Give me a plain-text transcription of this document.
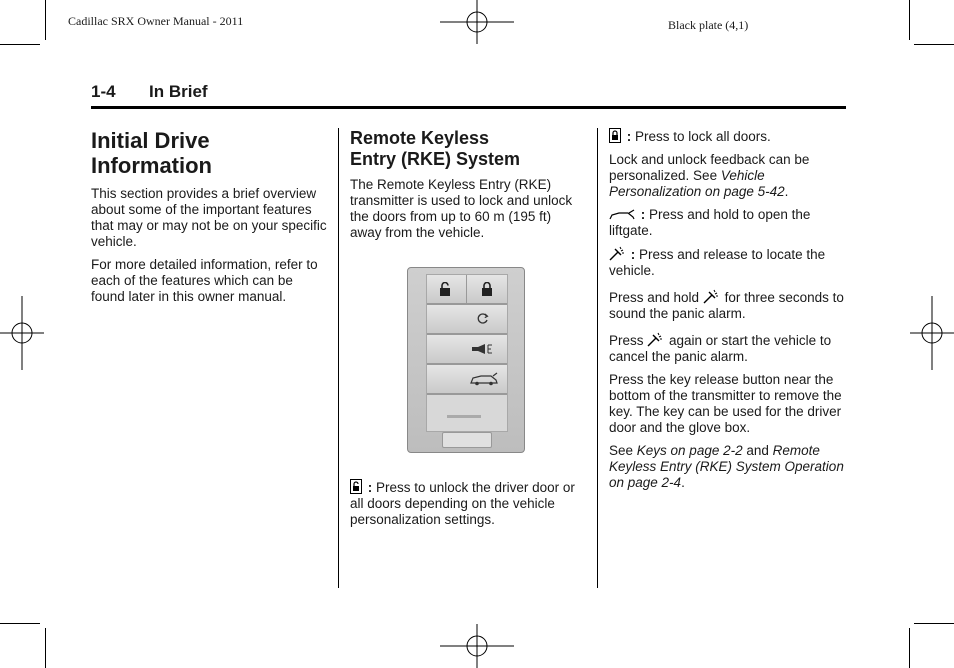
Cadillac SRX Owner Manual - 2011	Black plate (4,1)
1-4 In Brief
Initial Drive
Information

This section provides a brief overview about some of the important features that may or may not be on your specific vehicle.

For more detailed information, refer to each of the features which can be found later in this owner manual.

Remote Keyless
Entry (RKE) System

The Remote Keyless Entry (RKE) transmitter is used to lock and unlock the doors from up to 60 m (195 ft) away from the vehicle.

: Press to unlock the driver door or all doors depending on the vehicle personalization settings.

: Press to lock all doors.

Lock and unlock feedback can be personalized. See Vehicle Personalization on page 5-42.

: Press and hold to open the liftgate.

: Press and release to locate the vehicle.

Press and hold
for three seconds to sound the panic alarm.

Press
again or start the vehicle to cancel the panic alarm.

Press the key release button near the bottom of the transmitter to remove the key. The key can be used for the driver door and the glove box.

See Keys on page 2-2 and Remote Keyless Entry (RKE) System Operation on page 2-4.
